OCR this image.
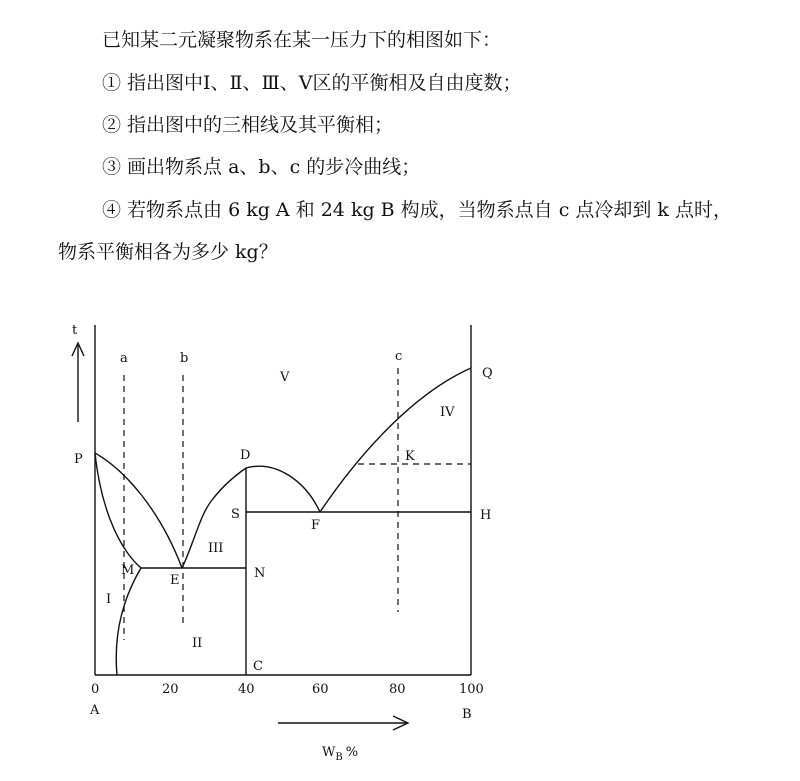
已知某二元凝聚物系在某一压力下的相图如下：
① 指出图中Ⅰ、Ⅱ、Ⅲ、Ⅴ区的平衡相及自由度数；
② 指出图中的三相线及其平衡相；
③ 画出物系点 a、b、c 的步冷曲线；
④ 若物系点由 6 kg A 和 24 kg B 构成，当物系点自 c 点冷却到 k 点时，
物系平衡相各为多少 kg？
a	b	c
t
V
IV
III
I
II
P	D
Q
K
S
F
H
M
E	N
C
0	20	40	60	80	100
A	B
$W_B$ %
